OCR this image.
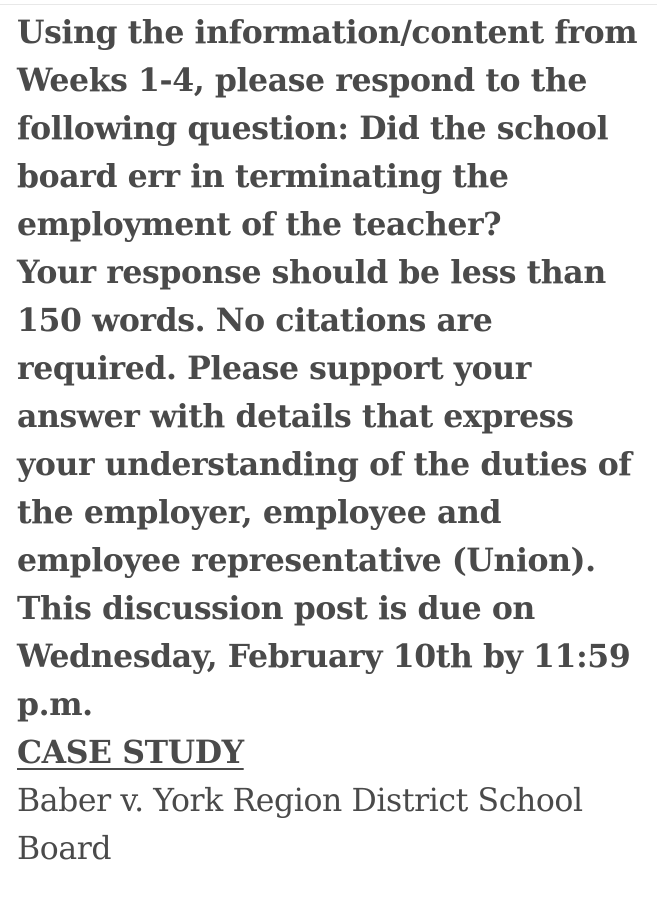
Using the information/content from
Weeks 1-4, please respond to the
following question: Did the school
board err in terminating the
employment of the teacher?

Your response should be less than
150 words. No citations are
required. Please support your
answer with details that express
your understanding of the duties of
the employer, employee and
employee representative (Union).

This discussion post is due on
Wednesday, February 10th by 11:59
p.m.

CASE STUDY

Baber v. York Region District School
Board
